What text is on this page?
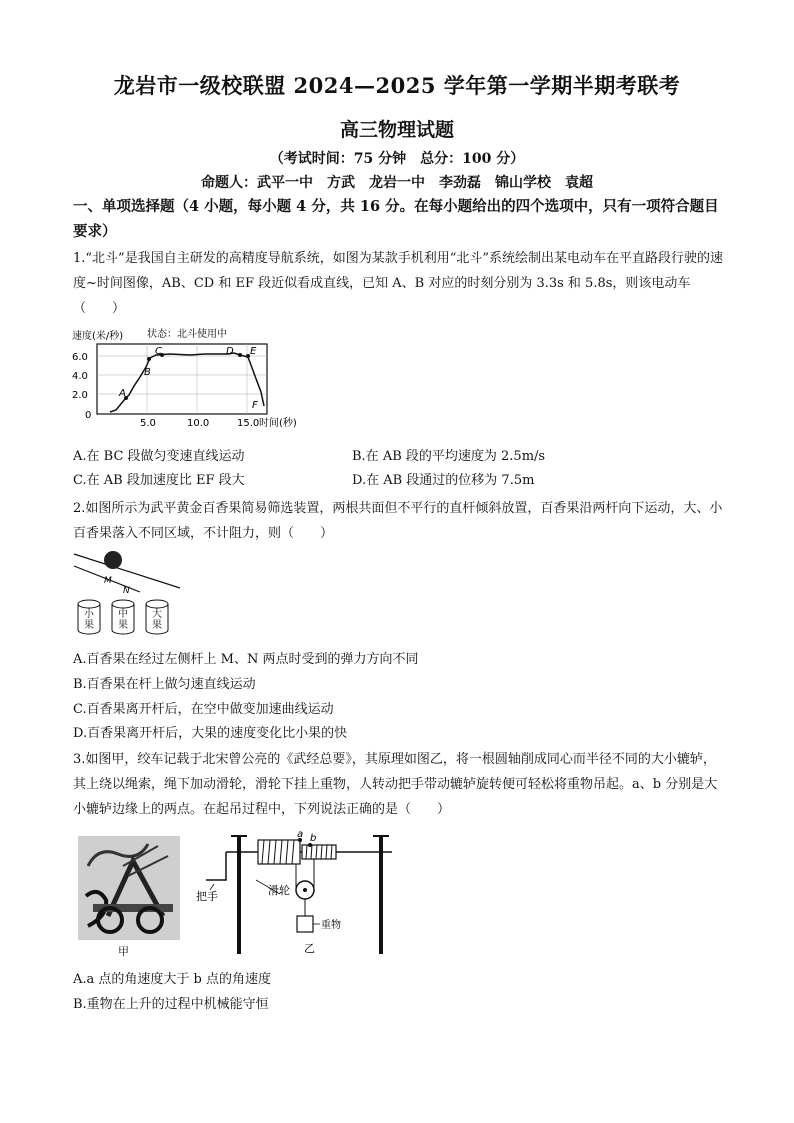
龙岩市一级校联盟 2024—2025 学年第一学期半期考联考
高三物理试题
（考试时间：75 分钟　总分：100 分）
命题人：武平一中　方武　龙岩一中　李劲磊　锦山学校　袁超
一、单项选择题（4 小题，每小题 4 分，共 16 分。在每小题给出的四个选项中，只有一项符合题目要求）
1.“北斗”是我国自主研发的高精度导航系统，如图为某款手机利用“北斗”系统绘制出某电动车在平直路段行驶的速度~时间图像，AB、CD 和 EF 段近似看成直线，已知 A、B 对应的时刻分别为 3.3s 和 5.8s，则该电动车（　　）
速度(米/秒) 状态：北斗使用中
6.0
4.0
2.0
0
5.0	10.0	15.0 时间(秒)
A
B
C	D E
F
A.在 BC 段做匀变速直线运动	B.在 AB 段的平均速度为 2.5m/s
C.在 AB 段加速度比 EF 段大	D.在 AB 段通过的位移为 7.5m
2.如图所示为武平黄金百香果简易筛选装置，两根共面但不平行的直杆倾斜放置，百香果沿两杆向下运动，大、小百香果落入不同区域，不计阻力，则（　　）
M
N
小果
中果
大果
A.百香果在经过左侧杆上 M、N 两点时受到的弹力方向不同
B.百香果在杆上做匀速直线运动
C.百香果离开杆后，在空中做变加速曲线运动
D.百香果离开杆后，大果的速度变化比小果的快
3.如图甲，绞车记载于北宋曾公亮的《武经总要》，其原理如图乙，将一根圆轴削成同心而半径不同的大小辘轳，其上绕以绳索，绳下加动滑轮，滑轮下挂上重物，人转动把手带动辘轳旋转便可轻松将重物吊起。a、b 分别是大小辘轳边缘上的两点。在起吊过程中，下列说法正确的是（　　）
甲
a b
重物
把手	滑轮
乙
A.a 点的角速度大于 b 点的角速度
B.重物在上升的过程中机械能守恒
